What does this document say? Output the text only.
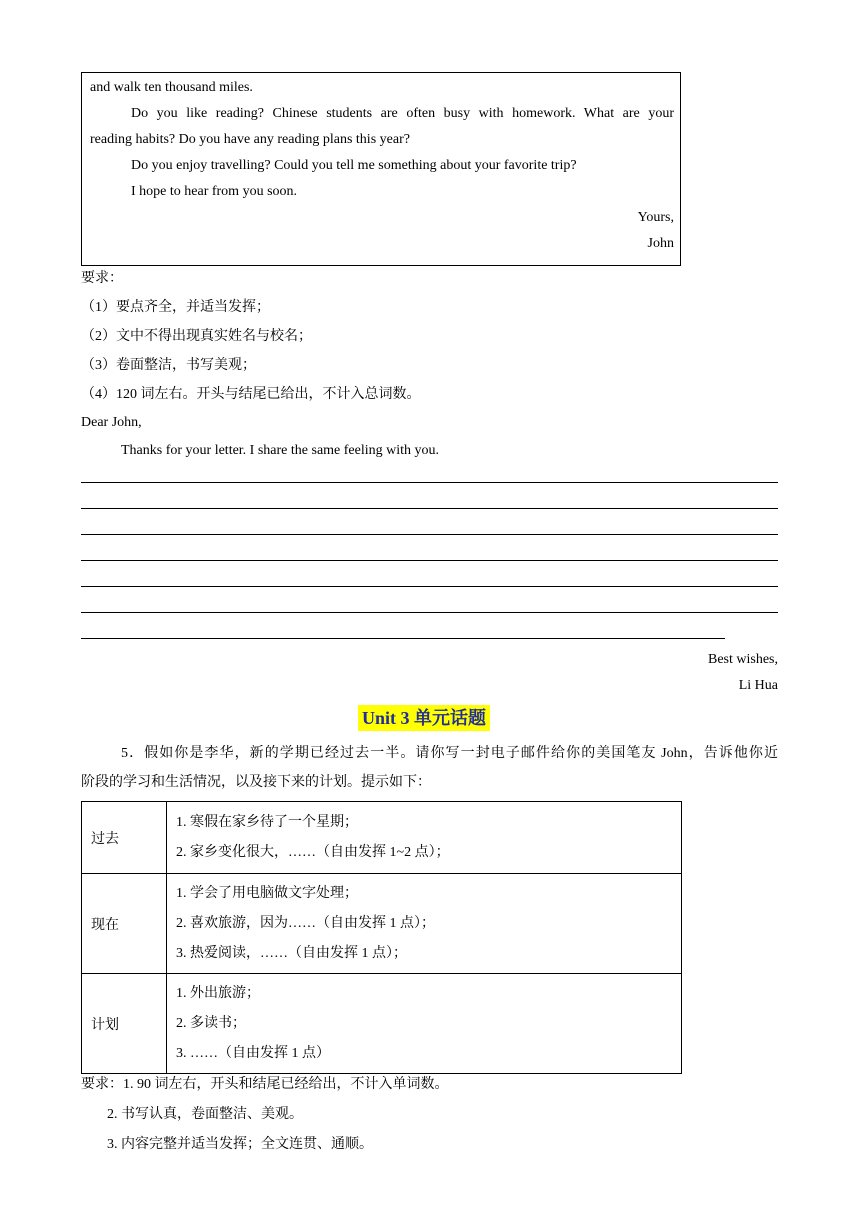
and walk ten thousand miles.
Do you like reading? Chinese students are often busy with homework. What are your
reading habits? Do you have any reading plans this year?
Do you enjoy travelling? Could you tell me something about your favorite trip?
I hope to hear from you soon.
Yours,
John
要求：
（1）要点齐全，并适当发挥；
（2）文中不得出现真实姓名与校名；
（3）卷面整洁，书写美观；
（4）120 词左右。开头与结尾已给出，不计入总词数。
Dear John,
Thanks for your letter. I share the same feeling with you.
Best wishes,
Li Hua
Unit 3 单元话题
5．假如你是李华，新的学期已经过去一半。请你写一封电子邮件给你的美国笔友 John，告诉他你近
阶段的学习和生活情况，以及接下来的计划。提示如下：
过去	1. 寒假在家乡待了一个星期；
2. 家乡变化很大，……（自由发挥 1~2 点）；

现在	1. 学会了用电脑做文字处理；
2. 喜欢旅游，因为……（自由发挥 1 点）；
3. 热爱阅读，……（自由发挥 1 点）；

计划	1. 外出旅游；
2. 多读书；
3. ……（自由发挥 1 点）
要求：1. 90 词左右，开头和结尾已经给出，不计入单词数。
2. 书写认真，卷面整洁、美观。
3. 内容完整并适当发挥；全文连贯、通顺。
